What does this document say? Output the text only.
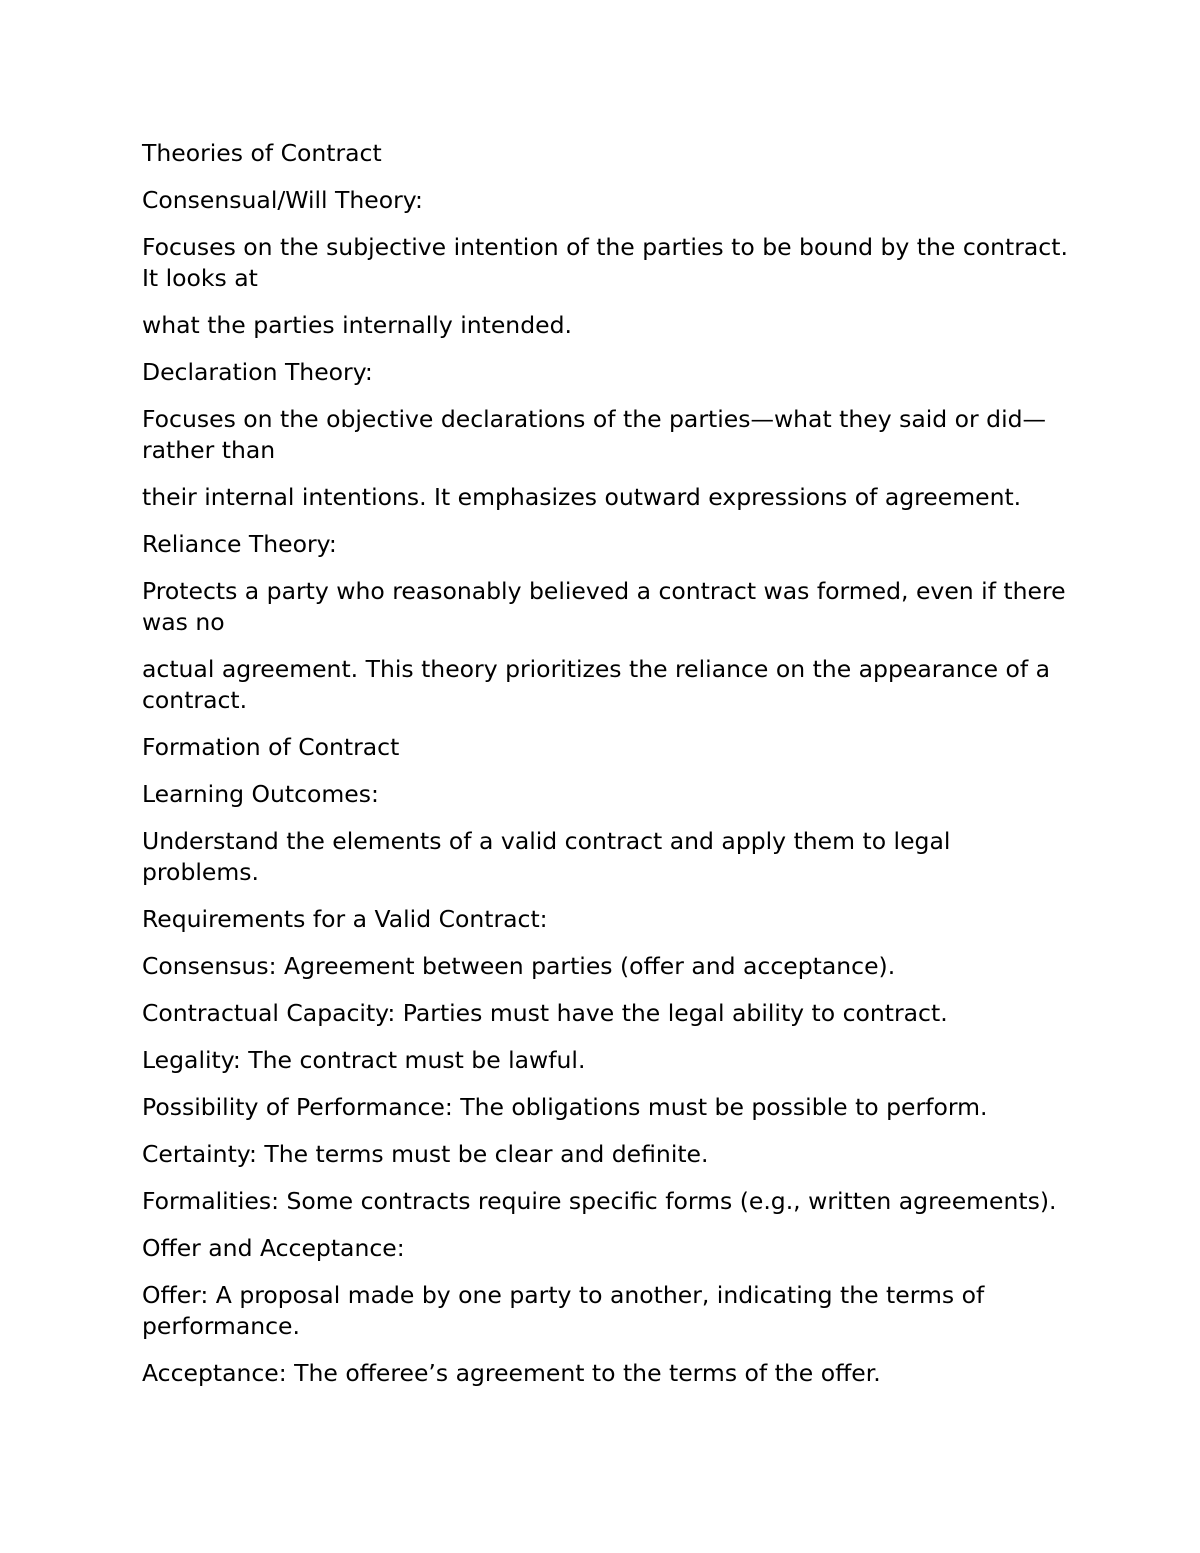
Theories of Contract

Consensual/Will Theory:

Focuses on the subjective intention of the parties to be bound by the contract. It looks at

what the parties internally intended.

Declaration Theory:

Focuses on the objective declarations of the parties—what they said or did—rather than

their internal intentions. It emphasizes outward expressions of agreement.

Reliance Theory:

Protects a party who reasonably believed a contract was formed, even if there was no

actual agreement. This theory prioritizes the reliance on the appearance of a contract.

Formation of Contract

Learning Outcomes:

Understand the elements of a valid contract and apply them to legal problems.

Requirements for a Valid Contract:

Consensus: Agreement between parties (offer and acceptance).

Contractual Capacity: Parties must have the legal ability to contract.

Legality: The contract must be lawful.

Possibility of Performance: The obligations must be possible to perform.

Certainty: The terms must be clear and definite.

Formalities: Some contracts require specific forms (e.g., written agreements).

Offer and Acceptance:

Offer: A proposal made by one party to another, indicating the terms of performance.

Acceptance: The offeree’s agreement to the terms of the offer.
